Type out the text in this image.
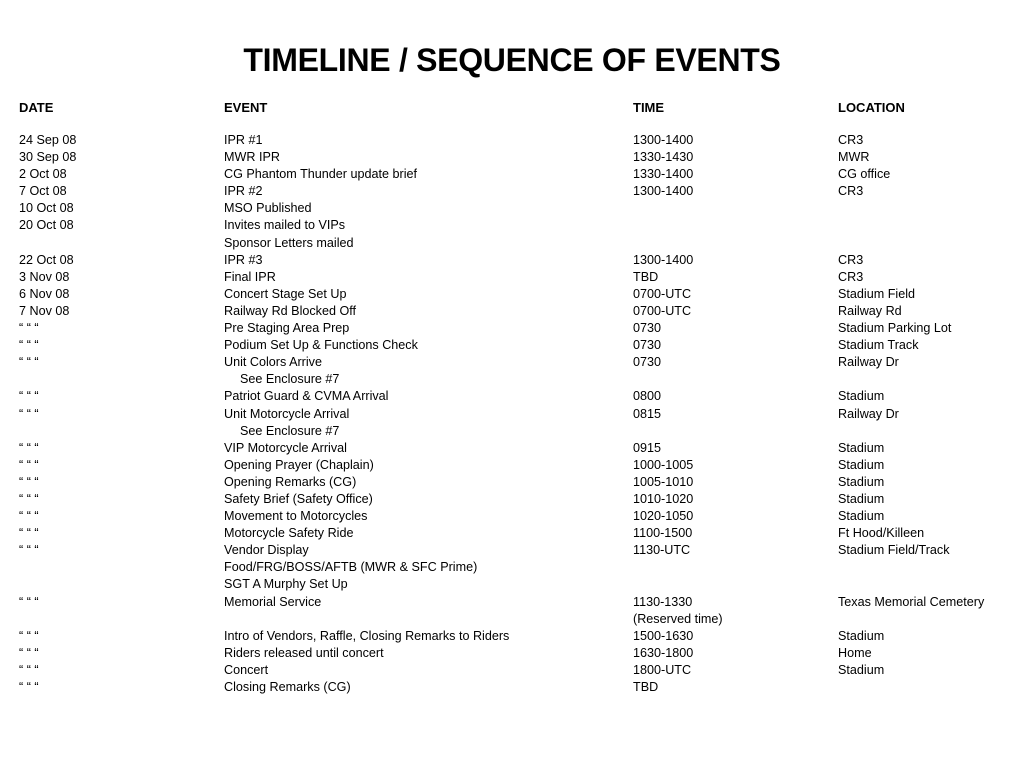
TIMELINE / SEQUENCE OF EVENTS
DATE	EVENT	TIME	LOCATION
24 Sep 08	IPR #1	1300-1400	CR3
30 Sep 08	MWR IPR	1330-1430	MWR
2 Oct 08	CG Phantom Thunder update brief	1330-1400	CG office
7 Oct 08	IPR #2	1300-1400	CR3
10 Oct 08	MSO Published
20 Oct 08	Invites mailed to VIPs
Sponsor Letters mailed
22 Oct 08	IPR #3	1300-1400	CR3
3 Nov 08	Final IPR	TBD	CR3
6 Nov 08	Concert Stage Set Up	0700-UTC	Stadium Field
7 Nov 08	Railway Rd Blocked Off	0700-UTC	Railway Rd
“ “ “	Pre Staging Area Prep	0730	Stadium Parking Lot
“ “ “	Podium Set Up & Functions Check	0730	Stadium Track
“ “ “	Unit Colors Arrive	0730	Railway Dr
See Enclosure #7
“ “ “	Patriot Guard & CVMA Arrival	0800	Stadium
“ “ “	Unit Motorcycle Arrival	0815	Railway Dr
See Enclosure #7
“ “ “	VIP Motorcycle Arrival	0915	Stadium
“ “ “	Opening Prayer (Chaplain)	1000-1005	Stadium
“ “ “	Opening Remarks (CG)	1005-1010	Stadium
“ “ “	Safety Brief (Safety Office)	1010-1020	Stadium
“ “ “	Movement to Motorcycles	1020-1050	Stadium
“ “ “	Motorcycle Safety Ride	1100-1500	Ft Hood/Killeen
“ “ “	Vendor Display	1130-UTC	Stadium Field/Track
Food/FRG/BOSS/AFTB (MWR & SFC Prime)
SGT A Murphy Set Up
“ “ “	Memorial Service	1130-1330	Texas Memorial Cemetery
(Reserved time)
“ “ “	Intro of Vendors, Raffle, Closing Remarks to Riders	1500-1630	Stadium
“ “ “	Riders released until concert	1630-1800	Home
“ “ “	Concert	1800-UTC	Stadium
“ “ “	Closing Remarks (CG)	TBD
